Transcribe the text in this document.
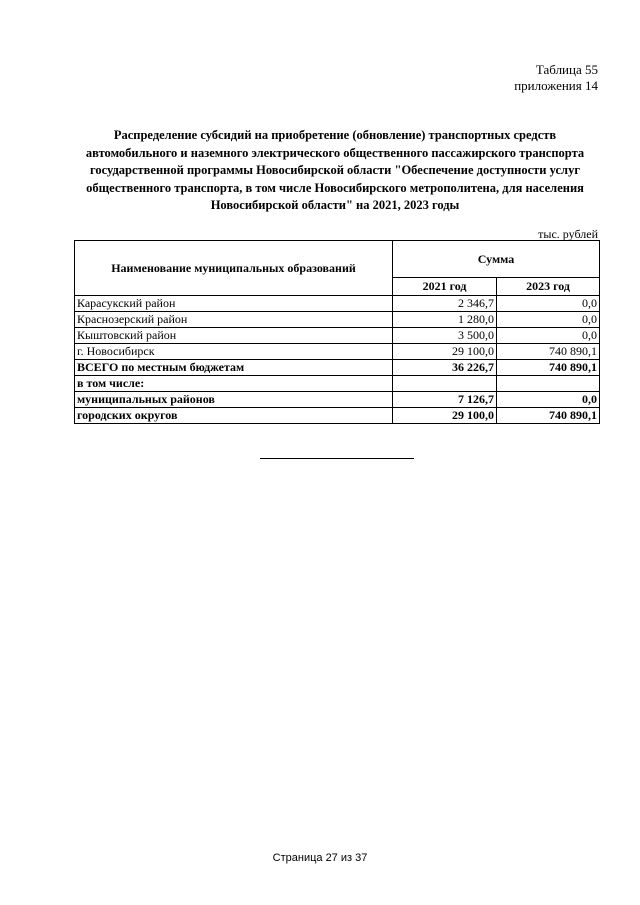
Таблица 55
приложения 14
Распределение субсидий на приобретение (обновление) транспортных средств автомобильного и наземного электрического общественного пассажирского транспорта государственной программы Новосибирской области "Обеспечение доступности услуг общественного транспорта, в том числе Новосибирского метрополитена, для населения Новосибирской области" на 2021, 2023 годы
тыс. рублей
Наименование муниципальных образований	Сумма	
	2021 год	2023 год
Карасукский район	2 346,7	0,0
Краснозерский район	1 280,0	0,0
Кыштовский район	3 500,0	0,0
г. Новосибирск	29 100,0	740 890,1
ВСЕГО по местным бюджетам	36 226,7	740 890,1
в том числе:		
муниципальных районов	7 126,7	0,0
городских округов	29 100,0	740 890,1
Страница 27 из 37
